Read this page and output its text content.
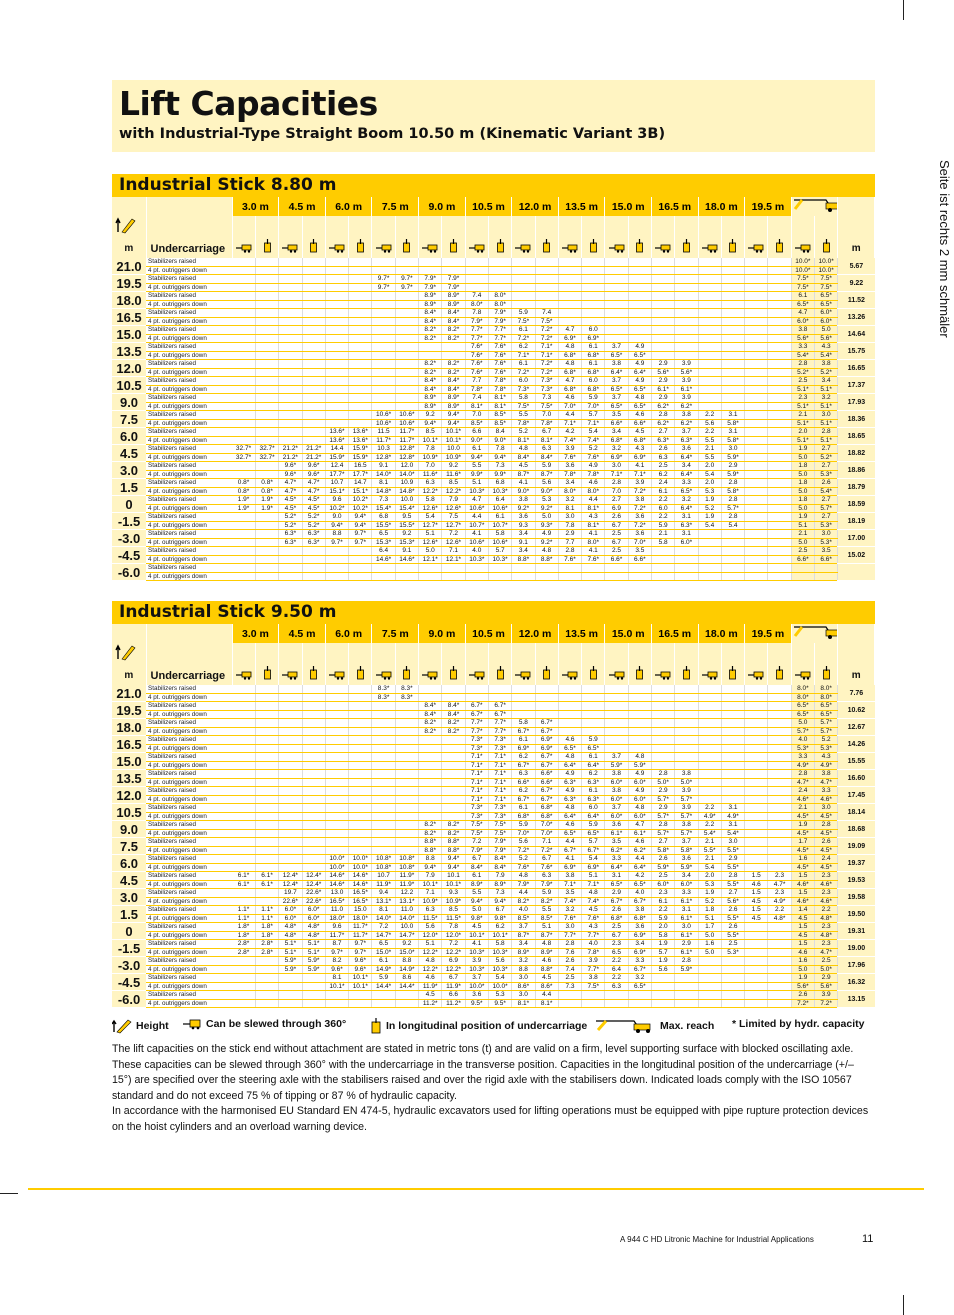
Lift Capacities
with Industrial-Type Straight Boom 10.50 m (Kinematic Variant 3B)
Industrial Stick 8.80 m
		3.0 m		4.5 m		6.0 m		7.5 m		9.0 m		10.5 m		12.0 m		13.5 m		15.0 m		16.5 m		18.0 m		19.5 m		

m	Undercarriage																											m
21.0	Stabilizers raised																									10.0*	10.0*	5.67
	4 pt. outriggers down																									10.0*	10.0*	
19.5	Stabilizers raised							9.7*	9.7*	7.9*	7.9*															7.5*	7.5*	9.22
	4 pt. outriggers down							9.7*	9.7*	7.9*	7.9*															7.5*	7.5*	
18.0	Stabilizers raised									8.9*	8.9*	7.4	8.0*													6.1	6.5*	11.52
	4 pt. outriggers down									8.9*	8.9*	8.0*	8.0*													6.5*	6.5*	
16.5	Stabilizers raised									8.4*	8.4*	7.8	7.9*	5.9	7.4											4.7	6.0*	13.26
	4 pt. outriggers down									8.4*	8.4*	7.9*	7.9*	7.5*	7.5*											6.0*	6.0*	
15.0	Stabilizers raised									8.2*	8.2*	7.7*	7.7*	6.1	7.2*	4.7	6.0									3.8	5.0	14.64
	4 pt. outriggers down									8.2*	8.2*	7.7*	7.7*	7.2*	7.2*	6.9*	6.9*									5.6*	5.6*	
13.5	Stabilizers raised											7.6*	7.6*	6.2	7.1*	4.8	6.1	3.7	4.9							3.3	4.3	15.75
	4 pt. outriggers down											7.6*	7.6*	7.1*	7.1*	6.8*	6.8*	6.5*	6.5*							5.4*	5.4*	
12.0	Stabilizers raised									8.2*	8.2*	7.6*	7.6*	6.1	7.2*	4.8	6.1	3.8	4.9	2.9	3.9					2.8	3.8	16.65
	4 pt. outriggers down									8.2*	8.2*	7.6*	7.6*	7.2*	7.2*	6.8*	6.8*	6.4*	6.4*	5.6*	5.6*					5.2*	5.2*	
10.5	Stabilizers raised									8.4*	8.4*	7.7	7.8*	6.0	7.3*	4.7	6.0	3.7	4.9	2.9	3.9					2.5	3.4	17.37
	4 pt. outriggers down									8.4*	8.4*	7.8*	7.8*	7.3*	7.3*	6.8*	6.8*	6.5*	6.5*	6.1*	6.1*					5.1*	5.1*	
9.0	Stabilizers raised									8.9*	8.9*	7.4	8.1*	5.8	7.3	4.6	5.9	3.7	4.8	2.9	3.9					2.3	3.2	17.93
	4 pt. outriggers down									8.9*	8.9*	8.1*	8.1*	7.5*	7.5*	7.0*	7.0*	6.5*	6.5*	6.2*	6.2*					5.1*	5.1*	
7.5	Stabilizers raised							10.6*	10.6*	9.2	9.4*	7.0	8.5*	5.5	7.0	4.4	5.7	3.5	4.6	2.8	3.8	2.2	3.1			2.1	3.0	18.36
	4 pt. outriggers down							10.6*	10.6*	9.4*	9.4*	8.5*	8.5*	7.8*	7.8*	7.1*	7.1*	6.6*	6.6*	6.2*	6.2*	5.6	5.8*			5.1*	5.1*	
6.0	Stabilizers raised					13.6*	13.6*	11.5	11.7*	8.5	10.1*	6.6	8.4	5.2	6.7	4.2	5.4	3.4	4.5	2.7	3.7	2.2	3.1			2.0	2.8	18.65
	4 pt. outriggers down					13.6*	13.6*	11.7*	11.7*	10.1*	10.1*	9.0*	9.0*	8.1*	8.1*	7.4*	7.4*	6.8*	6.8*	6.3*	6.3*	5.5	5.8*			5.1*	5.1*	
4.5	Stabilizers raised	32.7*	32.7*	21.2*	21.2*	14.4	15.9*	10.3	12.8*	7.8	10.0	6.1	7.8	4.8	6.3	3.9	5.2	3.2	4.3	2.6	3.6	2.1	3.0			1.9	2.7	18.82
	4 pt. outriggers down	32.7*	32.7*	21.2*	21.2*	15.9*	15.9*	12.8*	12.8*	10.9*	10.9*	9.4*	9.4*	8.4*	8.4*	7.6*	7.6*	6.9*	6.9*	6.3	6.4*	5.5	5.9*			5.0	5.2*	
3.0	Stabilizers raised			9.6*	9.6*	12.4	16.5	9.1	12.0	7.0	9.2	5.5	7.3	4.5	5.9	3.6	4.9	3.0	4.1	2.5	3.4	2.0	2.9			1.8	2.7	18.86
	4 pt. outriggers down			9.6*	9.6*	17.7*	17.7*	14.0*	14.0*	11.6*	11.6*	9.9*	9.9*	8.7*	8.7*	7.8*	7.8*	7.1*	7.1*	6.2	6.4*	5.4	5.9*			5.0	5.3*	
1.5	Stabilizers raised	0.8*	0.8*	4.7*	4.7*	10.7	14.7	8.1	10.9	6.3	8.5	5.1	6.8	4.1	5.6	3.4	4.6	2.8	3.9	2.4	3.3	2.0	2.8			1.8	2.6	18.79
	4 pt. outriggers down	0.8*	0.8*	4.7*	4.7*	15.1*	15.1*	14.8*	14.8*	12.2*	12.2*	10.3*	10.3*	9.0*	9.0*	8.0*	8.0*	7.0	7.2*	6.1	6.5*	5.3	5.8*			5.0	5.4*	
0	Stabilizers raised	1.9*	1.9*	4.5*	4.5*	9.6	10.2*	7.3	10.0	5.8	7.9	4.7	6.4	3.8	5.3	3.2	4.4	2.7	3.8	2.2	3.2	1.9	2.8			1.8	2.7	18.59
	4 pt. outriggers down	1.9*	1.9*	4.5*	4.5*	10.2*	10.2*	15.4*	15.4*	12.6*	12.6*	10.6*	10.6*	9.2*	9.2*	8.1	8.1*	6.9	7.2*	6.0	6.4*	5.2	5.7*			5.0	5.7*	
-1.5	Stabilizers raised			5.2*	5.2*	9.0	9.4*	6.8	9.5	5.4	7.5	4.4	6.1	3.6	5.0	3.0	4.3	2.6	3.6	2.2	3.1	1.9	2.8			1.9	2.7	18.19
	4 pt. outriggers down			5.2*	5.2*	9.4*	9.4*	15.5*	15.5*	12.7*	12.7*	10.7*	10.7*	9.3	9.3*	7.8	8.1*	6.7	7.2*	5.9	6.3*	5.4	5.4			5.1	5.3*	
-3.0	Stabilizers raised			6.3*	6.3*	8.8	9.7*	6.5	9.2	5.1	7.2	4.1	5.8	3.4	4.9	2.9	4.1	2.5	3.6	2.1	3.1					2.1	3.0	17.00
	4 pt. outriggers down			6.3*	6.3*	9.7*	9.7*	15.3*	15.3*	12.6*	12.6*	10.6*	10.6*	9.1	9.2*	7.7	8.0*	6.7	7.0*	5.8	6.0*					5.0	5.3*	
-4.5	Stabilizers raised							6.4	9.1	5.0	7.1	4.0	5.7	3.4	4.8	2.8	4.1	2.5	3.5							2.5	3.5	15.02
	4 pt. outriggers down							14.6*	14.6*	12.1*	12.1*	10.3*	10.3*	8.8*	8.8*	7.6*	7.6*	6.6*	6.6*							6.6*	6.6*	
-6.0	Stabilizers raised																											
	4 pt. outriggers down																											
Industrial Stick 9.50 m
		3.0 m		4.5 m		6.0 m		7.5 m		9.0 m		10.5 m		12.0 m		13.5 m		15.0 m		16.5 m		18.0 m		19.5 m		

m	Undercarriage																											m
21.0	Stabilizers raised							8.3*	8.3*																	8.0*	8.0*	7.76
	4 pt. outriggers down							8.3*	8.3*																	8.0*	8.0*	
19.5	Stabilizers raised									8.4*	8.4*	6.7*	6.7*													6.5*	6.5*	10.62
	4 pt. outriggers down									8.4*	8.4*	6.7*	6.7*													6.5*	6.5*	
18.0	Stabilizers raised									8.2*	8.2*	7.7*	7.7*	5.8	6.7*											5.0	5.7*	12.67
	4 pt. outriggers down									8.2*	8.2*	7.7*	7.7*	6.7*	6.7*											5.7*	5.7*	
16.5	Stabilizers raised											7.3*	7.3*	6.1	6.9*	4.6	5.9									4.0	5.2	14.26
	4 pt. outriggers down											7.3*	7.3*	6.9*	6.9*	6.5*	6.5*									5.3*	5.3*	
15.0	Stabilizers raised											7.1*	7.1*	6.2	6.7*	4.8	6.1	3.7	4.8							3.3	4.3	15.55
	4 pt. outriggers down											7.1*	7.1*	6.7*	6.7*	6.4*	6.4*	5.9*	5.9*							4.9*	4.9*	
13.5	Stabilizers raised											7.1*	7.1*	6.3	6.6*	4.9	6.2	3.8	4.9	2.8	3.8					2.8	3.8	16.60
	4 pt. outriggers down											7.1*	7.1*	6.6*	6.6*	6.3*	6.3*	6.0*	6.0*	5.0*	5.0*					4.7*	4.7*	
12.0	Stabilizers raised											7.1*	7.1*	6.2	6.7*	4.9	6.1	3.8	4.9	2.9	3.9					2.4	3.3	17.45
	4 pt. outriggers down											7.1*	7.1*	6.7*	6.7*	6.3*	6.3*	6.0*	6.0*	5.7*	5.7*					4.6*	4.6*	
10.5	Stabilizers raised											7.3*	7.3*	6.1	6.8*	4.8	6.0	3.7	4.8	2.9	3.9	2.2	3.1			2.1	3.0	18.14
	4 pt. outriggers down											7.3*	7.3*	6.8*	6.8*	6.4*	6.4*	6.0*	6.0*	5.7*	5.7*	4.9*	4.9*			4.5*	4.5*	
9.0	Stabilizers raised									8.2*	8.2*	7.5*	7.5*	5.9	7.0*	4.6	5.9	3.6	4.7	2.8	3.8	2.2	3.1			1.9	2.8	18.68
	4 pt. outriggers down									8.2*	8.2*	7.5*	7.5*	7.0*	7.0*	6.5*	6.5*	6.1*	6.1*	5.7*	5.7*	5.4*	5.4*			4.5*	4.5*	
7.5	Stabilizers raised									8.8*	8.8*	7.2	7.9*	5.6	7.1	4.4	5.7	3.5	4.6	2.7	3.7	2.1	3.0			1.7	2.6	19.09
	4 pt. outriggers down									8.8*	8.8*	7.9*	7.9*	7.2*	7.2*	6.7*	6.7*	6.2*	6.2*	5.8*	5.8*	5.5*	5.5*			4.5*	4.5*	
6.0	Stabilizers raised					10.0*	10.0*	10.8*	10.8*	8.8	9.4*	6.7	8.4*	5.2	6.7	4.1	5.4	3.3	4.4	2.6	3.6	2.1	2.9			1.6	2.4	19.37
	4 pt. outriggers down					10.0*	10.0*	10.8*	10.8*	9.4*	9.4*	8.4*	8.4*	7.6*	7.6*	6.9*	6.9*	6.4*	6.4*	5.9*	5.9*	5.4	5.5*			4.5*	4.5*	
4.5	Stabilizers raised	6.1*	6.1*	12.4*	12.4*	14.6*	14.6*	10.7	11.9*	7.9	10.1	6.1	7.9	4.8	6.3	3.8	5.1	3.1	4.2	2.5	3.4	2.0	2.8	1.5	2.3	1.5	2.3	19.53
	4 pt. outriggers down	6.1*	6.1*	12.4*	12.4*	14.6*	14.6*	11.9*	11.9*	10.1*	10.1*	8.9*	8.9*	7.9*	7.9*	7.1*	7.1*	6.5*	6.5*	6.0*	6.0*	5.3	5.5*	4.6	4.7*	4.6*	4.6*	
3.0	Stabilizers raised			19.7	22.6*	13.0	16.5*	9.4	12.2	7.1	9.3	5.5	7.3	4.4	5.9	3.5	4.8	2.9	4.0	2.3	3.3	1.9	2.7	1.5	2.3	1.5	2.3	19.58
	4 pt. outriggers down			22.6*	22.6*	16.5*	16.5*	13.1*	13.1*	10.9*	10.9*	9.4*	9.4*	8.2*	8.2*	7.4*	7.4*	6.7*	6.7*	6.1	6.1*	5.2	5.6*	4.5	4.9*	4.6*	4.6*	
1.5	Stabilizers raised	1.1*	1.1*	6.0*	6.0*	11.0	15.0	8.1	11.0	6.3	8.5	5.0	6.7	4.0	5.5	3.2	4.5	2.6	3.8	2.2	3.1	1.8	2.6	1.5	2.2	1.4	2.2	19.50
	4 pt. outriggers down	1.1*	1.1*	6.0*	6.0*	18.0*	18.0*	14.0*	14.0*	11.5*	11.5*	9.8*	9.8*	8.5*	8.5*	7.6*	7.6*	6.8*	6.8*	5.9	6.1*	5.1	5.5*	4.5	4.8*	4.5	4.8*	
0	Stabilizers raised	1.8*	1.8*	4.8*	4.8*	9.6	11.7*	7.2	10.0	5.6	7.8	4.5	6.2	3.7	5.1	3.0	4.3	2.5	3.6	2.0	3.0	1.7	2.6			1.5	2.3	19.31
	4 pt. outriggers down	1.8*	1.8*	4.8*	4.8*	11.7*	11.7*	14.7*	14.7*	12.0*	12.0*	10.1*	10.1*	8.7*	8.7*	7.7*	7.7*	6.7	6.9*	5.8	6.1*	5.0	5.5*			4.5	4.8*	
-1.5	Stabilizers raised	2.8*	2.8*	5.1*	5.1*	8.7	9.7*	6.5	9.2	5.1	7.2	4.1	5.8	3.4	4.8	2.8	4.0	2.3	3.4	1.9	2.9	1.6	2.5			1.5	2.3	19.00
	4 pt. outriggers down	2.8*	2.8*	5.1*	5.1*	9.7*	9.7*	15.0*	15.0*	12.2*	12.2*	10.3*	10.3*	8.9*	8.9*	7.6	7.8*	6.5	6.9*	5.7	6.1*	5.0	5.3*			4.6	4.7*	
-3.0	Stabilizers raised			5.9*	5.9*	8.2	9.6*	6.1	8.8	4.8	6.9	3.9	5.6	3.2	4.6	2.6	3.9	2.2	3.3	1.9	2.8					1.6	2.5	17.96
	4 pt. outriggers down			5.9*	5.9*	9.6*	9.6*	14.9*	14.9*	12.2*	12.2*	10.3*	10.3*	8.8	8.8*	7.4	7.7*	6.4	6.7*	5.6	5.9*					5.0	5.0*	
-4.5	Stabilizers raised					8.1	10.1*	5.9	8.6	4.6	6.7	3.7	5.4	3.0	4.5	2.5	3.8	2.2	3.2							1.9	2.9	16.32
	4 pt. outriggers down					10.1*	10.1*	14.4*	14.4*	11.9*	11.9*	10.0*	10.0*	8.6*	8.6*	7.3	7.5*	6.3	6.5*							5.6*	5.6*	
-6.0	Stabilizers raised									4.5	6.6	3.6	5.3	3.0	4.4											2.6	3.9	13.15
	4 pt. outriggers down									11.2*	11.2*	9.5*	9.5*	8.1*	8.1*											7.2*	7.2*	
Height	Can be slewed through 360°	In longitudinal position of undercarriage	Max. reach * Limited by hydr. capacity

The lift capacities on the stick end without attachment are stated in metric tons (t) and are valid on a firm, level supporting surface with blocked oscillating axle. These capacities can be slewed through 360° with the undercarriage in the transverse position. Capacities in the longitudinal position of the undercarriage (+/– 15°) are specified over the steering axle with the stabilisers raised and over the rigid axle with the stabilisers down. Indicated loads comply with the ISO 10567 standard and do not exceed 75 % of tipping or 87 % of hydraulic capacity.

In accordance with the harmonised EU Standard EN 474-5, hydraulic excavators used for lifting operations must be equipped with pipe rupture protection devices on the hoist cylinders and an overload warning device.

A 944 C HD Litronic Machine for Industrial Applications	11
Seite ist rechts 2 mm schmäler
